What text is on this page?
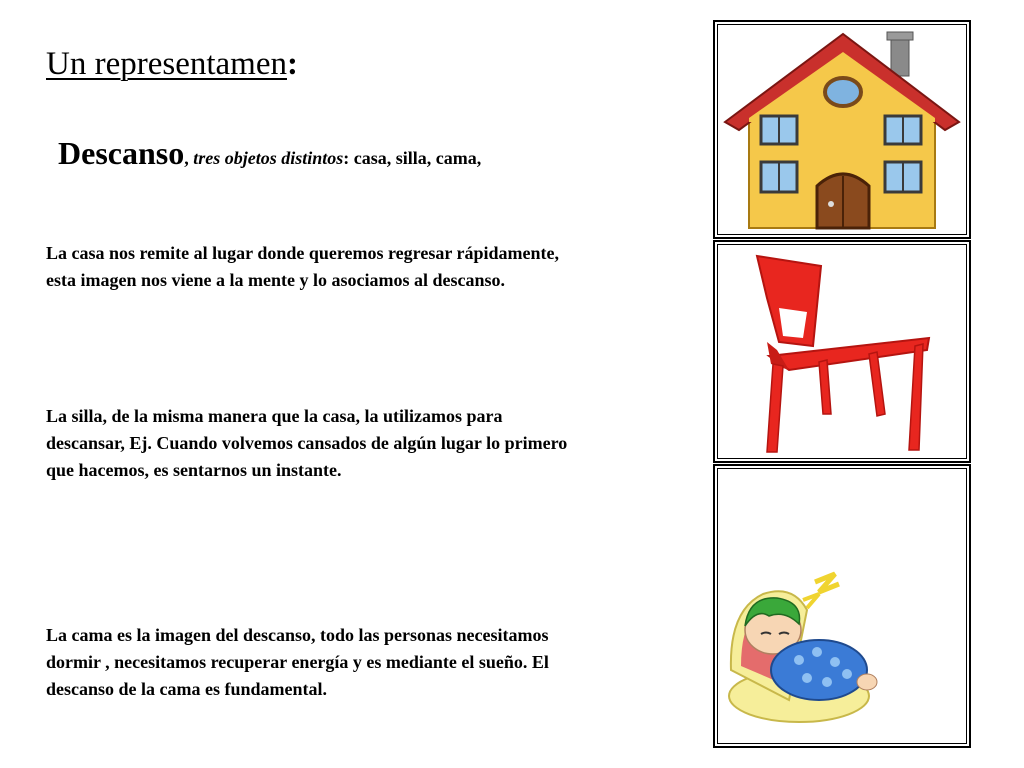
Un representamen:
Descanso, tres objetos distintos: casa, silla, cama,
La casa nos remite al lugar donde queremos regresar rápidamente, esta imagen nos viene a la mente y lo asociamos al descanso.
La silla, de la misma manera que la casa, la utilizamos para descansar, Ej. Cuando volvemos cansados de algún lugar lo primero que hacemos, es sentarnos un instante.
La cama es la imagen del descanso, todo las personas necesitamos dormir , necesitamos recuperar energía y es mediante el sueño. El descanso de la cama es fundamental.
